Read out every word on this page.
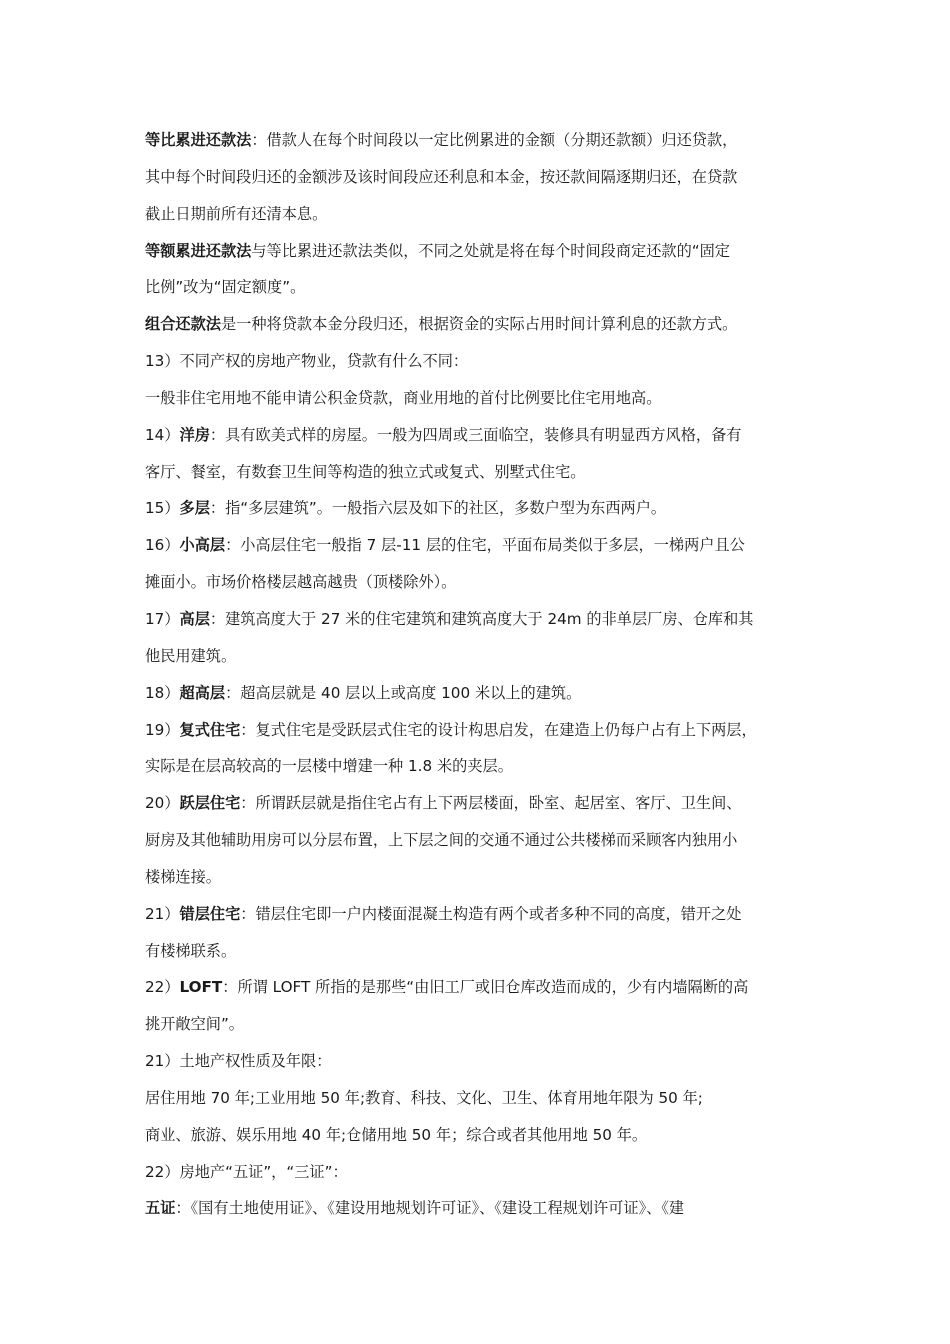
等比累进还款法：借款人在每个时间段以一定比例累进的金额（分期还款额）归还贷款，
其中每个时间段归还的金额涉及该时间段应还利息和本金，按还款间隔逐期归还，在贷款
截止日期前所有还清本息。
等额累进还款法与等比累进还款法类似，不同之处就是将在每个时间段商定还款的“固定
比例”改为“固定额度”。
组合还款法是一种将贷款本金分段归还，根据资金的实际占用时间计算利息的还款方式。
13）不同产权的房地产物业，贷款有什么不同：
一般非住宅用地不能申请公积金贷款，商业用地的首付比例要比住宅用地高。
14）洋房：具有欧美式样的房屋。一般为四周或三面临空，装修具有明显西方风格，备有
客厅、餐室，有数套卫生间等构造的独立式或复式、别墅式住宅。
15）多层：指“多层建筑”。一般指六层及如下的社区，多数户型为东西两户。
16）小高层：小高层住宅一般指 7 层-11 层的住宅，平面布局类似于多层，一梯两户且公
摊面小。市场价格楼层越高越贵（顶楼除外）。
17）高层：建筑高度大于 27 米的住宅建筑和建筑高度大于 24m 的非单层厂房、仓库和其
他民用建筑。
18）超高层：超高层就是 40 层以上或高度 100 米以上的建筑。
19）复式住宅：复式住宅是受跃层式住宅的设计构思启发，在建造上仍每户占有上下两层，
实际是在层高较高的一层楼中增建一种 1.8 米的夹层。
20）跃层住宅：所谓跃层就是指住宅占有上下两层楼面，卧室、起居室、客厅、卫生间、
厨房及其他辅助用房可以分层布置，上下层之间的交通不通过公共楼梯而采顾客内独用小
楼梯连接。
21）错层住宅：错层住宅即一户内楼面混凝土构造有两个或者多种不同的高度，错开之处
有楼梯联系。
22）LOFT：所谓 LOFT 所指的是那些“由旧工厂或旧仓库改造而成的，少有内墙隔断的高
挑开敞空间”。
21）土地产权性质及年限：
居住用地 70 年;工业用地 50 年;教育、科技、文化、卫生、体育用地年限为 50 年;
商业、旅游、娱乐用地 40 年;仓储用地 50 年；综合或者其他用地 50 年。
22）房地产“五证”，“三证”：
五证：《国有土地使用证》、《建设用地规划许可证》、《建设工程规划许可证》、《建
